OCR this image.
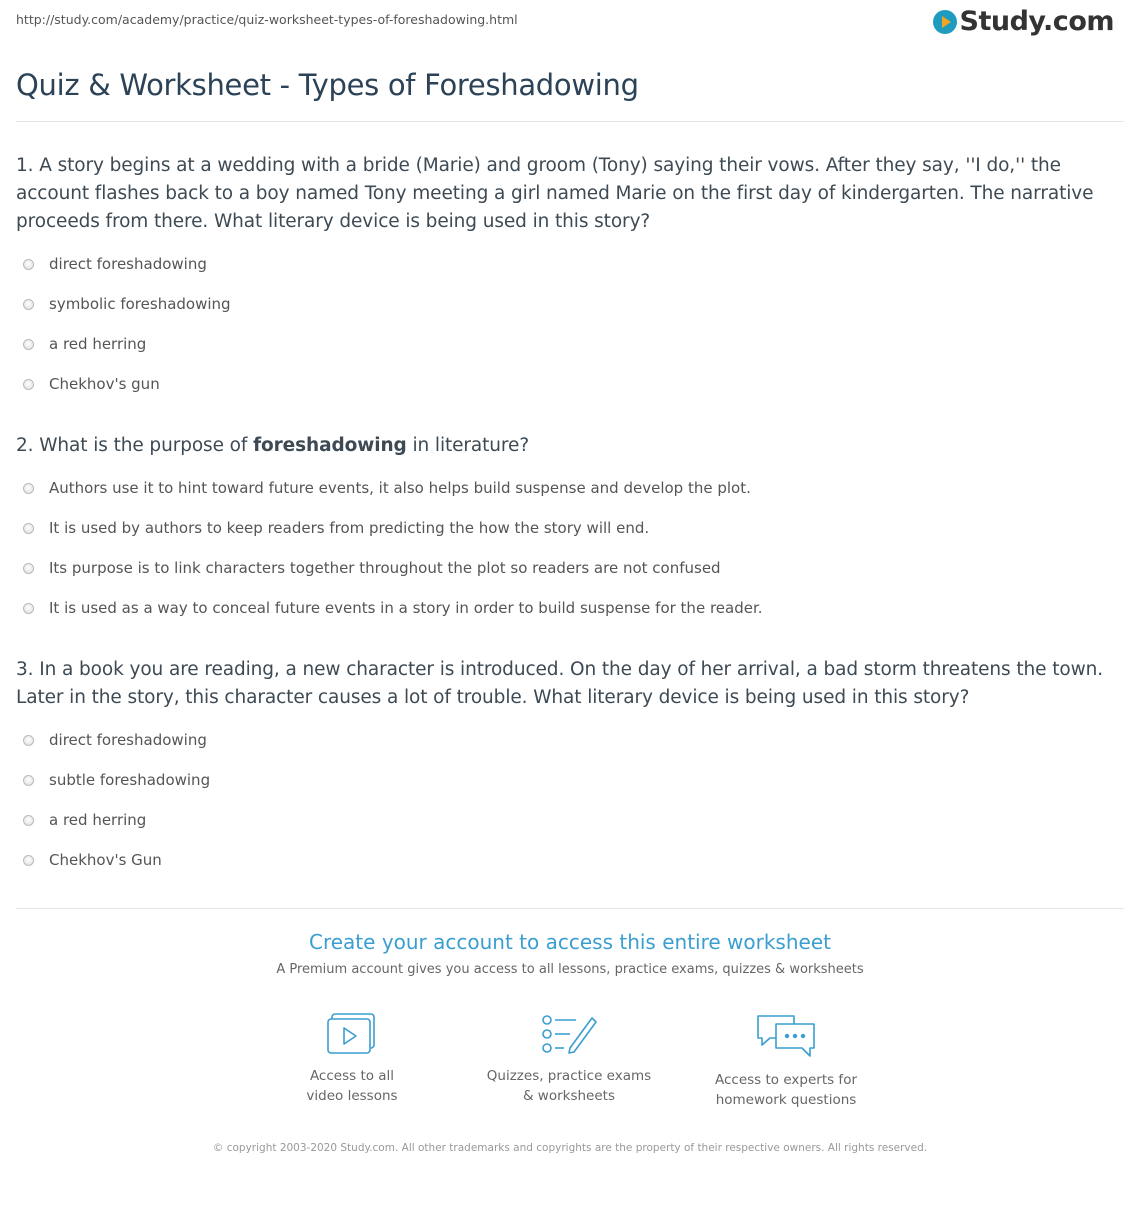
http://study.com/academy/practice/quiz-worksheet-types-of-foreshadowing.html	Study.com
Quiz & Worksheet - Types of Foreshadowing

1. A story begins at a wedding with a bride (Marie) and groom (Tony) saying their vows. After they say, ''I do,'' the account flashes back to a boy named Tony meeting a girl named Marie on the first day of kindergarten. The narrative proceeds from there. What literary device is being used in this story?

direct foreshadowing
symbolic foreshadowing
a red herring
Chekhov's gun

2. What is the purpose of foreshadowing in literature?

Authors use it to hint toward future events, it also helps build suspense and develop the plot.
It is used by authors to keep readers from predicting the how the story will end.
Its purpose is to link characters together throughout the plot so readers are not confused
It is used as a way to conceal future events in a story in order to build suspense for the reader.

3. In a book you are reading, a new character is introduced. On the day of her arrival, a bad storm threatens the town. Later in the story, this character causes a lot of trouble. What literary device is being used in this story?

direct foreshadowing
subtle foreshadowing
a red herring
Chekhov's Gun
Create your account to access this entire worksheet
A Premium account gives you access to all lessons, practice exams, quizzes & worksheets
Access to all
video lessons
Quizzes, practice exams
& worksheets
Access to experts for
homework questions
© copyright 2003-2020 Study.com. All other trademarks and copyrights are the property of their respective owners. All rights reserved.
